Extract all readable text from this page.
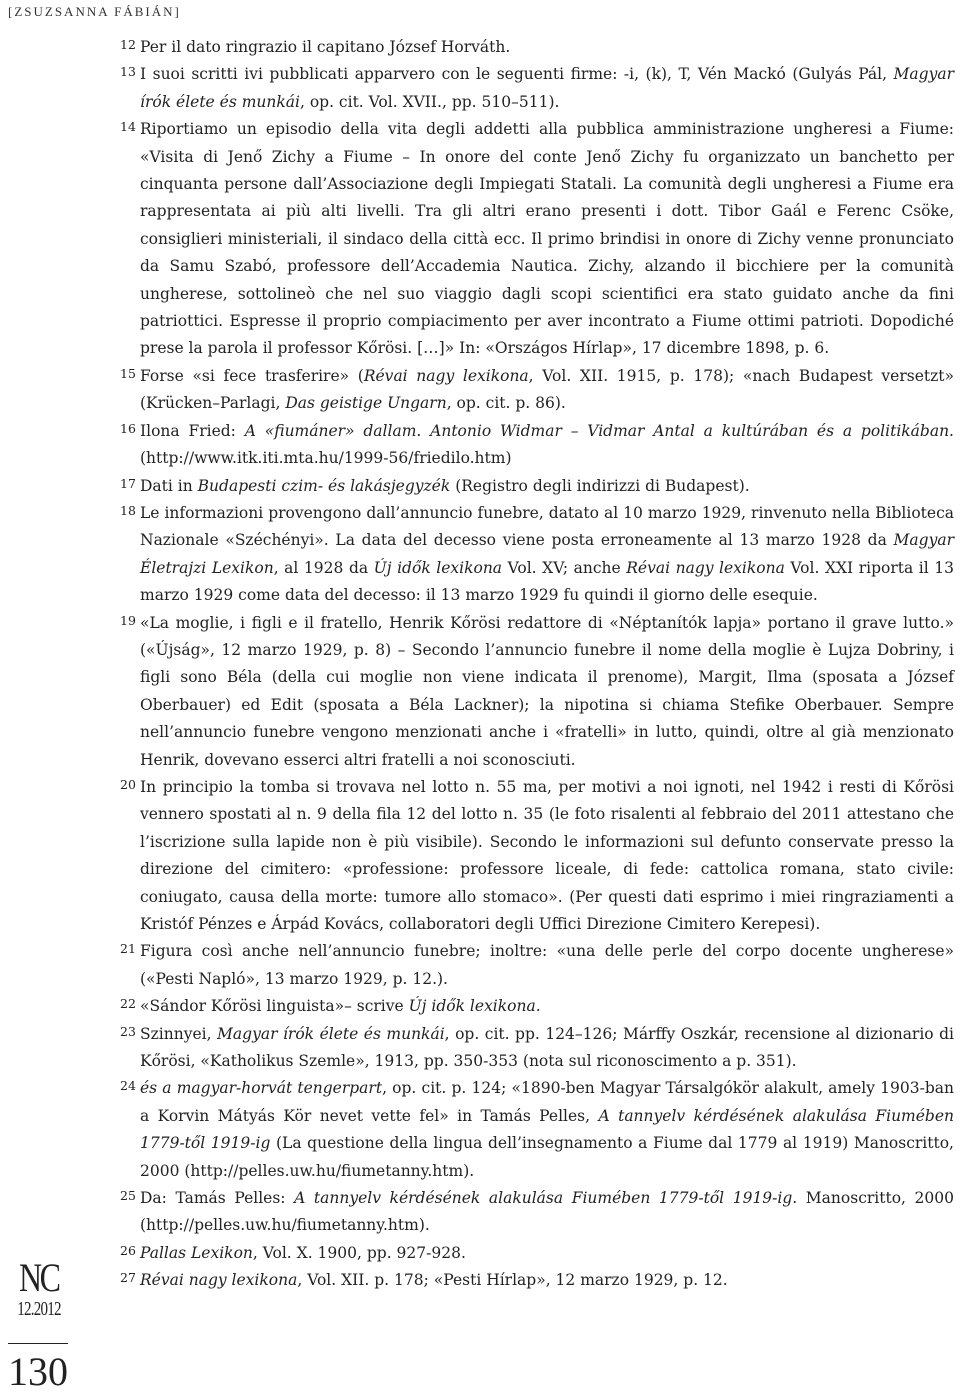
[ZSUZSANNA FÁBIÁN]

12 Per il dato ringrazio il capitano József Horváth.

13 I suoi scritti ivi pubblicati apparvero con le seguenti firme: -i, (k), T, Vén Mackó (Gulyás Pál, Magyar írók élete és munkái, op. cit. Vol. XVII., pp. 510–511).

14 Riportiamo un episodio della vita degli addetti alla pubblica amministrazione ungheresi a Fiume: «Visita di Jenő Zichy a Fiume – In onore del conte Jenő Zichy fu organizzato un banchetto per cinquanta persone dall’Associazione degli Impiegati Statali. La comunità degli ungheresi a Fiume era rappresentata ai più alti livelli. Tra gli altri erano presenti i dott. Tibor Gaál e Ferenc Csöke, consiglieri ministeriali, il sindaco della città ecc. Il primo brindisi in onore di Zichy venne pronunciato da Samu Szabó, professore dell’Accademia Nautica. Zichy, alzando il bicchiere per la comunità ungherese, sottolineò che nel suo viaggio dagli scopi scientifici era stato guidato anche da fini patriottici. Espresse il proprio compiacimento per aver incontrato a Fiume ottimi patrioti. Dopodiché prese la parola il professor Kőrösi. […]» In: «Országos Hírlap», 17 dicembre 1898, p. 6.

15 Forse «si fece trasferire» (Révai nagy lexikona, Vol. XII. 1915, p. 178); «nach Budapest versetzt» (Krücken–Parlagi, Das geistige Ungarn, op. cit. p. 86).

16 Ilona Fried: A «fiumáner» dallam. Antonio Widmar – Vidmar Antal a kultúrában és a politikában. (http://www.itk.iti.mta.hu/1999-56/friedilo.htm)

17 Dati in Budapesti czim- és lakásjegyzék (Registro degli indirizzi di Budapest).

18 Le informazioni provengono dall’annuncio funebre, datato al 10 marzo 1929, rinvenuto nella Biblioteca Nazionale «Széchényi». La data del decesso viene posta erroneamente al 13 marzo 1928 da Magyar Életrajzi Lexikon, al 1928 da Új idők lexikona Vol. XV; anche Révai nagy lexikona Vol. XXI riporta il 13 marzo 1929 come data del decesso: il 13 marzo 1929 fu quindi il giorno delle esequie.

19 «La moglie, i figli e il fratello, Henrik Kőrösi redattore di «Néptanítók lapja» portano il grave lutto.» («Újság», 12 marzo 1929, p. 8) – Secondo l’annuncio funebre il nome della moglie è Lujza Dobriny, i figli sono Béla (della cui moglie non viene indicata il prenome), Margit, Ilma (sposata a József Oberbauer) ed Edit (sposata a Béla Lackner); la nipotina si chiama Stefike Oberbauer. Sempre nell’annuncio funebre vengono menzionati anche i «fratelli» in lutto, quindi, oltre al già menzionato Henrik, dovevano esserci altri fratelli a noi sconosciuti.

20 In principio la tomba si trovava nel lotto n. 55 ma, per motivi a noi ignoti, nel 1942 i resti di Kőrösi vennero spostati al n. 9 della fila 12 del lotto n. 35 (le foto risalenti al febbraio del 2011 attestano che l’iscrizione sulla lapide non è più visibile). Secondo le informazioni sul defunto conservate presso la direzione del cimitero: «professione: professore liceale, di fede: cattolica romana, stato civile: coniugato, causa della morte: tumore allo stomaco». (Per questi dati esprimo i miei ringraziamenti a Kristóf Pénzes e Árpád Kovács, collaboratori degli Uffici Direzione Cimitero Kerepesi).

21 Figura così anche nell’annuncio funebre; inoltre: «una delle perle del corpo docente ungherese» («Pesti Napló», 13 marzo 1929, p. 12.).

22 «Sándor Kőrösi linguista»– scrive Új idők lexikona.

23 Szinnyei, Magyar írók élete és munkái, op. cit. pp. 124–126; Márffy Oszkár, recensione al dizionario di Kőrösi, «Katholikus Szemle», 1913, pp. 350-353 (nota sul riconoscimento a p. 351).

24 és a magyar-horvát tengerpart, op. cit. p. 124; «1890-ben Magyar Társalgókör alakult, amely 1903-ban a Korvin Mátyás Kör nevet vette fel» in Tamás Pelles, A tannyelv kérdésének alakulása Fiumében 1779-től 1919-ig (La questione della lingua dell’insegnamento a Fiume dal 1779 al 1919) Manoscritto, 2000 (http://pelles.uw.hu/fiumetanny.htm).

25 Da: Tamás Pelles: A tannyelv kérdésének alakulása Fiumében 1779-től 1919-ig. Manoscritto, 2000 (http://pelles.uw.hu/fiumetanny.htm).

26 Pallas Lexikon, Vol. X. 1900, pp. 927-928.

27 Révai nagy lexikona, Vol. XII. p. 178; «Pesti Hírlap», 12 marzo 1929, p. 12.

NC
12.2012
130
